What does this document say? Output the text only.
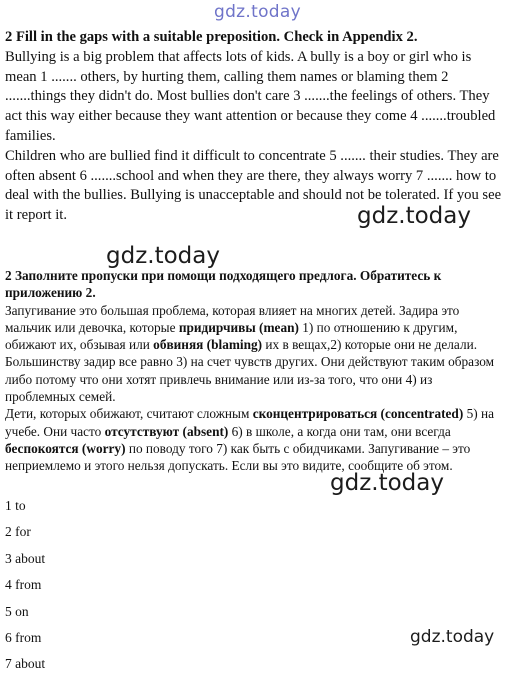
gdz.today
2 Fill in the gaps with a suitable preposition. Check in Appendix 2.
Bullying is a big problem that affects lots of kids. A bully is a boy or girl who is mean 1 ....... others, by hurting them, calling them names or blaming them 2 .......things they didn't do. Most bullies don't care 3 .......the feelings of others. They act this way either because they want attention or because they come 4 .......troubled families.
Children who are bullied find it difficult to concentrate 5 ....... their studies. They are often absent 6 .......school and when they are there, they always worry 7 ....... how to deal with the bullies. Bullying is unacceptable and should not be tolerated. If you see it report it.	gdz.today
gdz.today
2 Заполните пропуски при помощи подходящего предлога. Обратитесь к приложению 2.
Запугивание это большая проблема, которая влияет на многих детей. Задира это мальчик или девочка, которые придирчивы (mean) 1) по отношению к другим, обижают их, обзывая или обвиняя (blaming) их в вещах,2) которые они не делали. Большинству задир все равно 3) на счет чувств других. Они действуют таким образом либо потому что они хотят привлечь внимание или из-за того, что они 4) из проблемных семей.
Дети, которых обижают, считают сложным сконцентрироваться (concentrated) 5) на учебе. Они часто отсутствуют (absent) 6) в школе, а когда они там, они всегда беспокоятся (worry) по поводу того 7) как быть с обидчиками. Запугивание – это неприемлемо и этого нельзя допускать. Если вы это видите, сообщите об этом.
gdz.today
1 to
2 for
3 about
4 from
5 on
6 from
7 about
gdz.today
